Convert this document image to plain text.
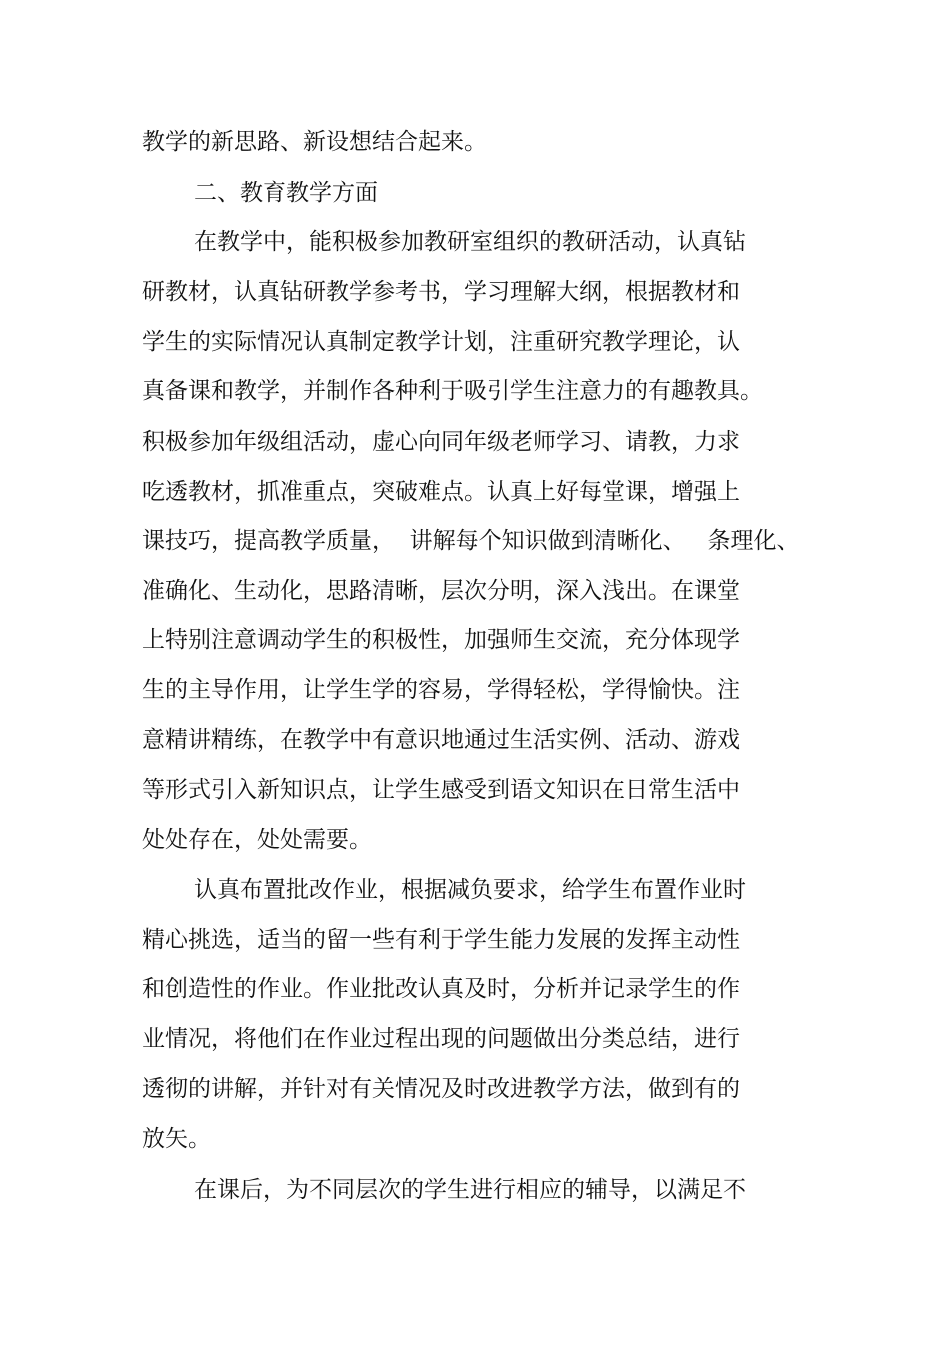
教学的新思路、新设想结合起来。
二、教育教学方面
在教学中，能积极参加教研室组织的教研活动，认真钻
研教材，认真钻研教学参考书，学习理解大纲，根据教材和
学生的实际情况认真制定教学计划，注重研究教学理论，认
真备课和教学，并制作各种利于吸引学生注意力的有趣教具。
积极参加年级组活动，虚心向同年级老师学习、请教，力求
吃透教材，抓准重点，突破难点。认真上好每堂课，增强上
课技巧，提高教学质量，  讲解每个知识做到清晰化、   条理化、
准确化、生动化，思路清晰，层次分明，深入浅出。在课堂
上特别注意调动学生的积极性，加强师生交流，充分体现学
生的主导作用，让学生学的容易，学得轻松，学得愉快。注
意精讲精练，在教学中有意识地通过生活实例、活动、游戏
等形式引入新知识点，让学生感受到语文知识在日常生活中
处处存在，处处需要。
认真布置批改作业，根据减负要求，给学生布置作业时
精心挑选，适当的留一些有利于学生能力发展的发挥主动性
和创造性的作业。作业批改认真及时，分析并记录学生的作
业情况，将他们在作业过程出现的问题做出分类总结，进行
透彻的讲解，并针对有关情况及时改进教学方法，做到有的
放矢。
在课后，为不同层次的学生进行相应的辅导，以满足不
